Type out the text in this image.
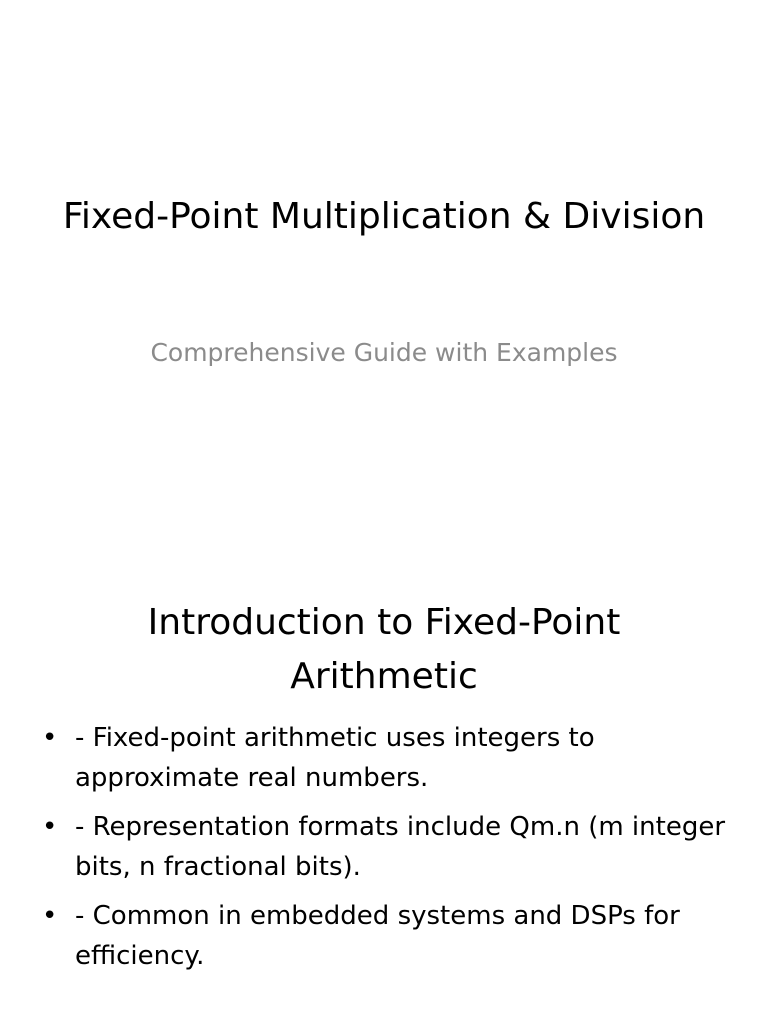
Fixed-Point Multiplication & Division

Comprehensive Guide with Examples

Introduction to Fixed-Point Arithmetic
• - Fixed-point arithmetic uses integers to approximate real numbers.
• - Representation formats include Qm.n (m integer bits, n fractional bits).
• - Common in embedded systems and DSPs for efficiency.
